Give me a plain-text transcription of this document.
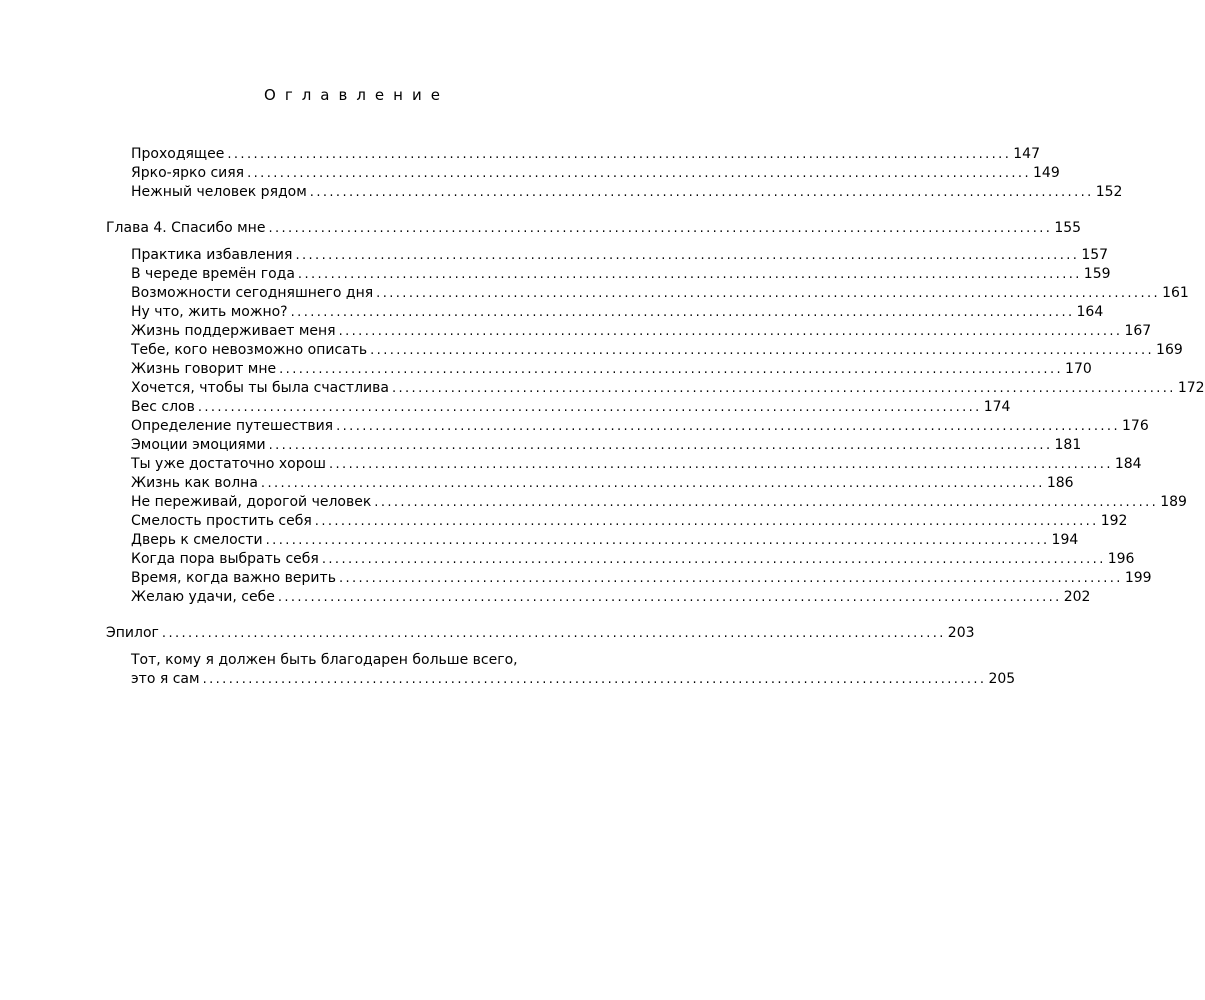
Оглавление
Проходящее ........................................................................................................................ 147
Ярко-ярко сияя ........................................................................................................................ 149
Нежный человек рядом ........................................................................................................................ 152
Глава 4. Спасибо мне ........................................................................................................................ 155
Практика избавления ........................................................................................................................ 157
В череде времён года ........................................................................................................................ 159
Возможности сегодняшнего дня ........................................................................................................................ 161
Ну что, жить можно? ........................................................................................................................ 164
Жизнь поддерживает меня ........................................................................................................................ 167
Тебе, кого невозможно описать ........................................................................................................................ 169
Жизнь говорит мне ........................................................................................................................ 170
Хочется, чтобы ты была счастлива ........................................................................................................................ 172
Вес слов ........................................................................................................................ 174
Определение путешествия ........................................................................................................................ 176
Эмоции эмоциями ........................................................................................................................ 181
Ты уже достаточно хорош ........................................................................................................................ 184
Жизнь как волна ........................................................................................................................ 186
Не переживай, дорогой человек ........................................................................................................................ 189
Смелость простить себя ........................................................................................................................ 192
Дверь к смелости ........................................................................................................................ 194
Когда пора выбрать себя ........................................................................................................................ 196
Время, когда важно верить ........................................................................................................................ 199
Желаю удачи, себе ........................................................................................................................ 202
Эпилог ........................................................................................................................ 203
Тот, кому я должен быть благодарен больше всего,
это я сам ........................................................................................................................ 205
